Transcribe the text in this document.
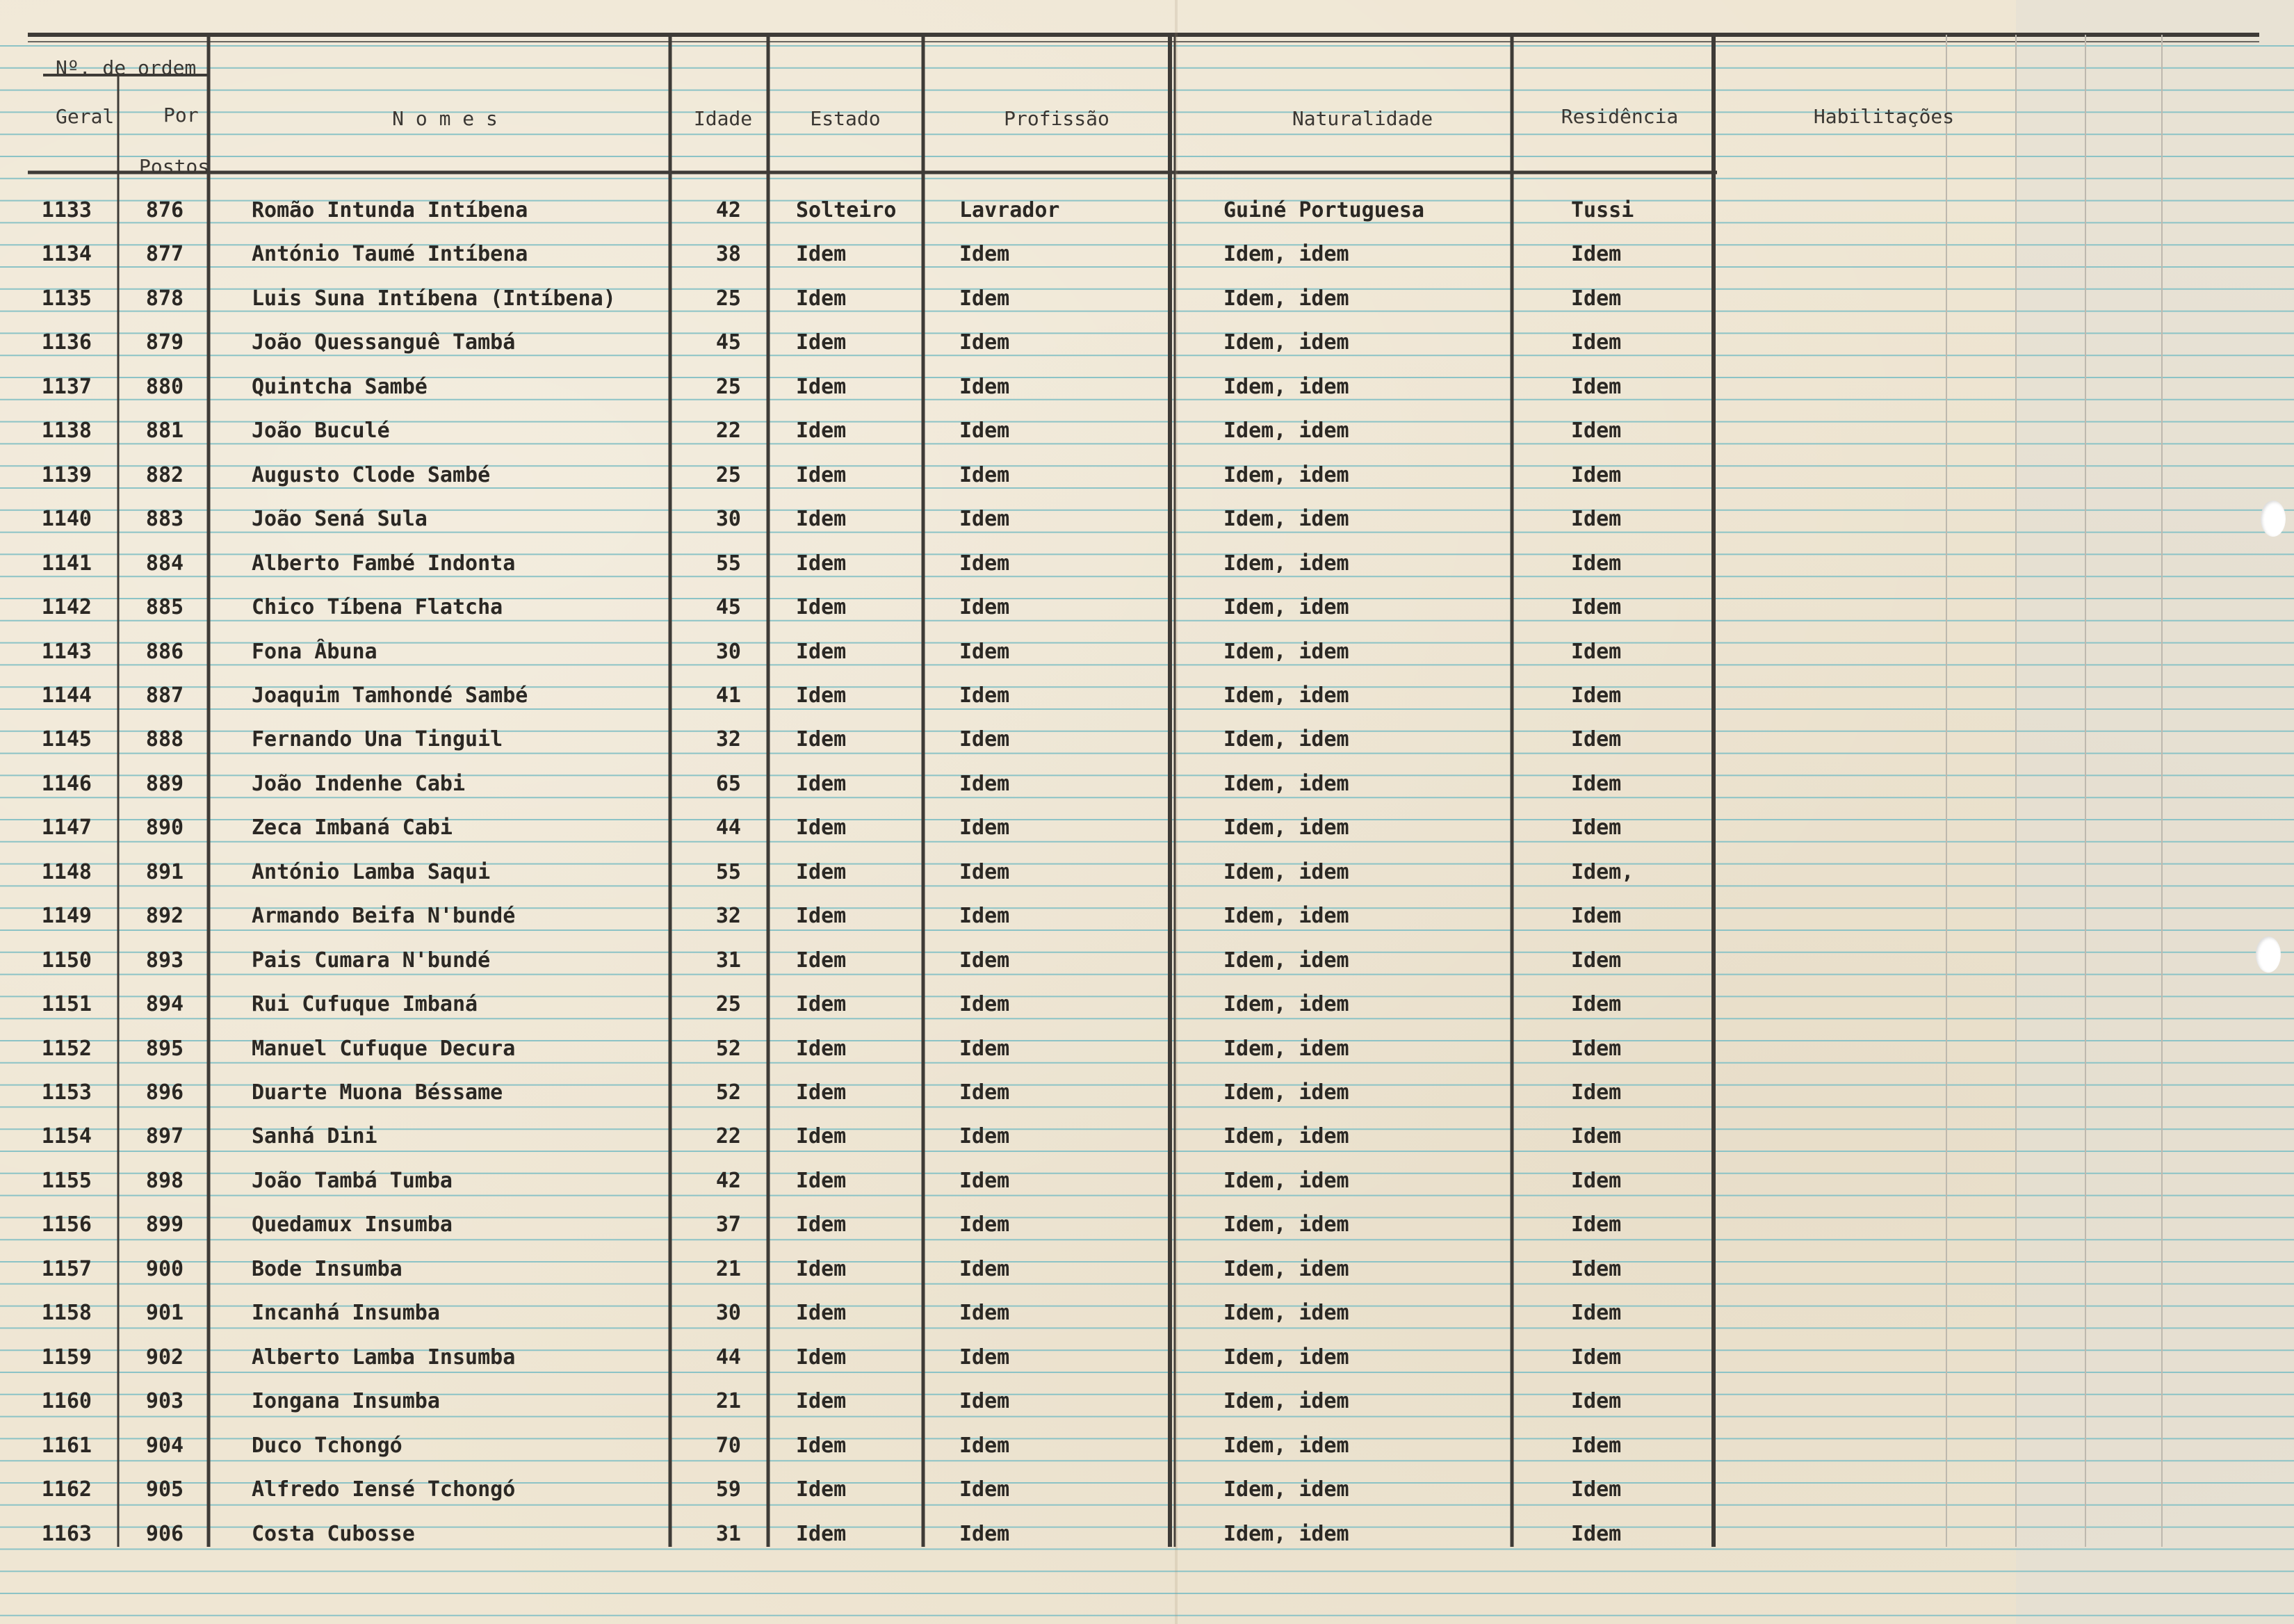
Nº. de ordem
Geral	Por
Postos
N o m e s	Idade	Estado	Profissão	Naturalidade	Residência	Habilitações
1133	876	Romão Intunda Intíbena	42	Solteiro	Lavrador	Guiné Portuguesa	Tussi
1134	877	António Taumé Intíbena	38	Idem	Idem	Idem, idem	Idem
1135	878	Luis Suna Intíbena (Intíbena)	25	Idem	Idem	Idem, idem	Idem
1136	879	João Quessanguê Tambá	45	Idem	Idem	Idem, idem	Idem
1137	880	Quintcha Sambé	25	Idem	Idem	Idem, idem	Idem
1138	881	João Buculé	22	Idem	Idem	Idem, idem	Idem
1139	882	Augusto Clode Sambé	25	Idem	Idem	Idem, idem	Idem
1140	883	João Sená Sula	30	Idem	Idem	Idem, idem	Idem
1141	884	Alberto Fambé Indonta	55	Idem	Idem	Idem, idem	Idem
1142	885	Chico Tíbena Flatcha	45	Idem	Idem	Idem, idem	Idem
1143	886	Fona Âbuna	30	Idem	Idem	Idem, idem	Idem
1144	887	Joaquim Tamhondé Sambé	41	Idem	Idem	Idem, idem	Idem
1145	888	Fernando Una Tinguil	32	Idem	Idem	Idem, idem	Idem
1146	889	João Indenhe Cabi	65	Idem	Idem	Idem, idem	Idem
1147	890	Zeca Imbaná Cabi	44	Idem	Idem	Idem, idem	Idem
1148	891	António Lamba Saqui	55	Idem	Idem	Idem, idem	Idem,
1149	892	Armando Beifa N'bundé	32	Idem	Idem	Idem, idem	Idem
1150	893	Pais Cumara N'bundé	31	Idem	Idem	Idem, idem	Idem
1151	894	Rui Cufuque Imbaná	25	Idem	Idem	Idem, idem	Idem
1152	895	Manuel Cufuque Decura	52	Idem	Idem	Idem, idem	Idem
1153	896	Duarte Muona Béssame	52	Idem	Idem	Idem, idem	Idem
1154	897	Sanhá Dini	22	Idem	Idem	Idem, idem	Idem
1155	898	João Tambá Tumba	42	Idem	Idem	Idem, idem	Idem
1156	899	Quedamux Insumba	37	Idem	Idem	Idem, idem	Idem
1157	900	Bode Insumba	21	Idem	Idem	Idem, idem	Idem
1158	901	Incanhá Insumba	30	Idem	Idem	Idem, idem	Idem
1159	902	Alberto Lamba Insumba	44	Idem	Idem	Idem, idem	Idem
1160	903	Iongana Insumba	21	Idem	Idem	Idem, idem	Idem
1161	904	Duco Tchongó	70	Idem	Idem	Idem, idem	Idem
1162	905	Alfredo Iensé Tchongó	59	Idem	Idem	Idem, idem	Idem
1163	906	Costa Cubosse	31	Idem	Idem	Idem, idem	Idem
